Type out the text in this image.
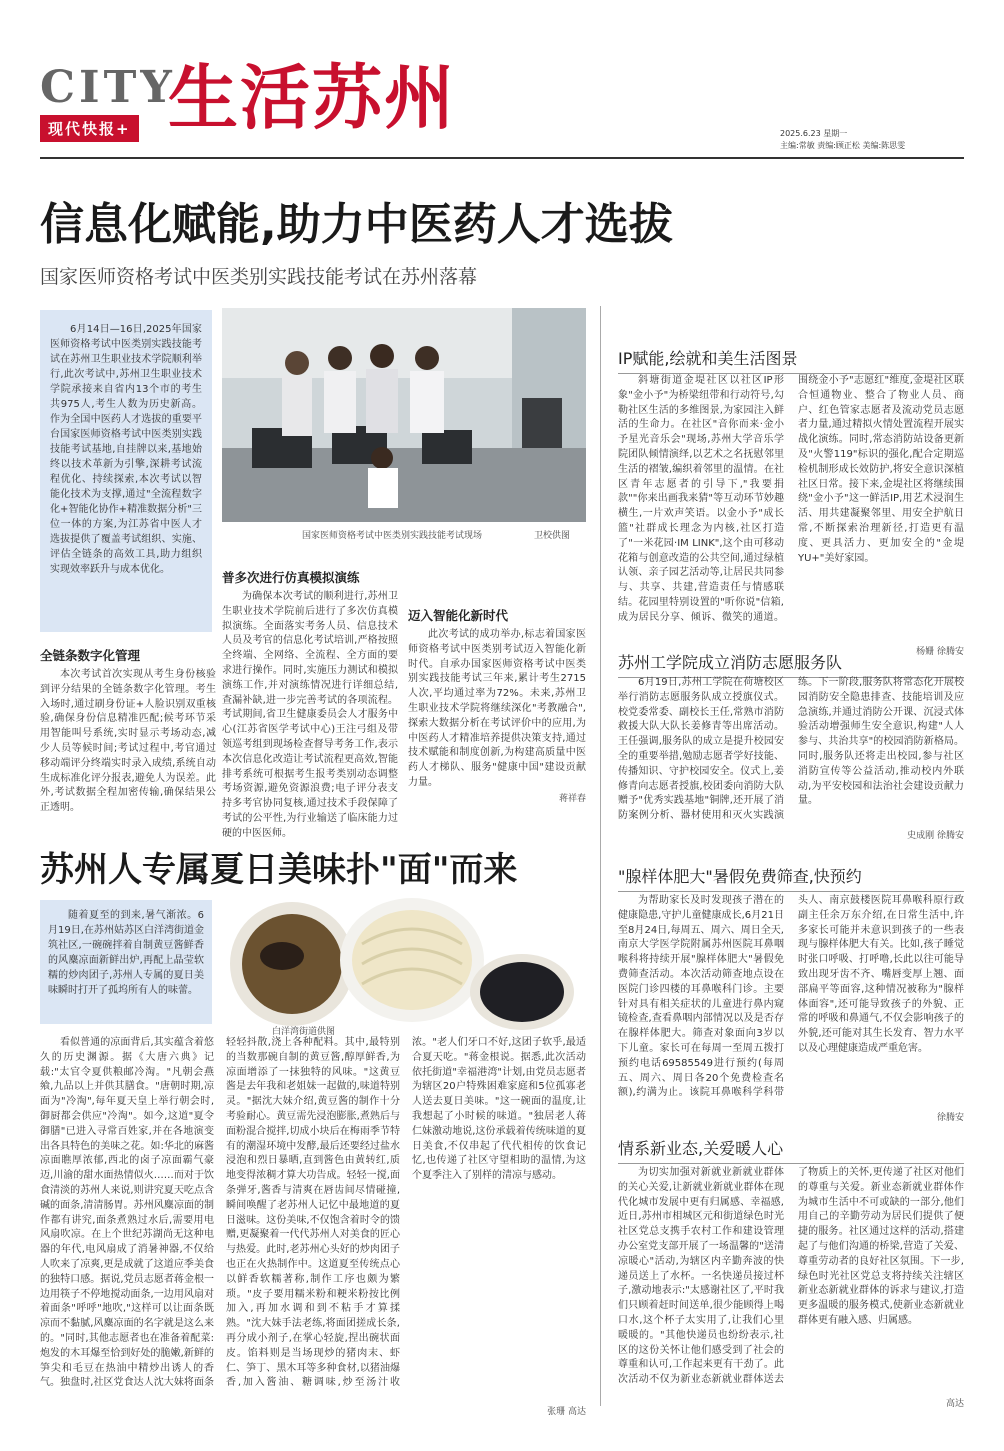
CITY
现代快报+ 生活苏州	2025.6.23 星期一
主编:常敏 责编:顾正松 美编:陈思雯
信息化赋能,助力中医药人才选拔
国家医师资格考试中医类别实践技能考试在苏州落幕

6月14日—16日,2025年国家医师资格考试中医类别实践技能考试在苏州卫生职业技术学院顺利举行,此次考试中,苏州卫生职业技术学院承接来自省内13个市的考生共975人,考生人数为历史新高。作为全国中医药人才选拔的重要平台国家医师资格考试中医类别实践技能考试基地,自挂牌以来,基地始终以技术革新为引擎,深耕考试流程优化、持续探索,本次考试以智能化技术为支撑,通过"全流程数字化+智能化协作+精准数据分析"三位一体的方案,为江苏省中医人才选拔提供了覆盖考试组织、实施、评估全链条的高效工具,助力组织实现效率跃升与成本优化。

国家医师资格考试中医类别实践技能考试现场	卫校供图
全链条数字化管理

本次考试首次实现从考生身份核验到评分结果的全链条数字化管理。考生入场时,通过刷身份证+人脸识别双重核验,确保身份信息精准匹配;候考环节采用智能叫号系统,实时显示考场动态,减少人员等候时间;考试过程中,考官通过移动端评分终端实时录入成绩,系统自动生成标准化评分报表,避免人为误差。此外,考试数据全程加密传输,确保结果公正透明。

普多次进行仿真模拟演练

为确保本次考试的顺利进行,苏州卫生职业技术学院前后进行了多次仿真模拟演练。全面落实考务人员、信息技术人员及考官的信息化考试培训,严格按照全终端、全网络、全流程、全方面的要求进行操作。同时,实施压力测试和模拟演练工作,并对演练情况进行详细总结,查漏补缺,进一步完善考试的各项流程。考试期间,省卫生健康委员会人才服务中心(江苏省医学考试中心)王注弓组及带领巡考组到现场检查督导考务工作,表示本次信息化改造让考试流程更高效,智能排考系统可根据考生报考类别动态调整考场资源,避免资源浪费;电子评分表支持多考官协同复核,通过技术手段保障了考试的公平性,为行业输送了临床能力过硬的中医医师。

迈入智能化新时代

此次考试的成功举办,标志着国家医师资格考试中医类别考试迈入智能化新时代。自承办国家医师资格考试中医类别实践技能考试三年来,累计考生2715人次,平均通过率为72%。未来,苏州卫生职业技术学院将继续深化"考教融合",探索大数据分析在考试评价中的应用,为中医药人才精准培养提供决策支持,通过技术赋能和制度创新,为构建高质量中医药人才梯队、服务"健康中国"建设贡献力量。

蒋祥春
苏州人专属夏日美味扑"面"而来

随着夏至的到来,暑气渐浓。6月19日,在苏州姑苏区白洋湾街道金筑社区,一碗碗拌着自制黄豆酱鲜香的风麋凉面新鲜出炉,再配上晶莹软糯的炒肉团子,苏州人专属的夏日美味瞬时打开了孤坞所有人的味蕾。

白洋湾街道供图

看似普通的凉面背后,其实蕴含着悠久的历史渊源。据《大唐六典》记载:"太官令夏供粮邮冷淘。"凡朝会燕飨,九品以上并供其膳食。"唐朝时期,凉面为"冷淘",每年夏天皇上举行朝会时,御厨都会供应"冷淘"。如今,这道"夏令御膳"已进入寻常百姓家,并在各地演变出各具特色的美味之花。如:华北的麻酱凉面瞧厚浓郁,西北的卤子凉面霸气豪迈,川渝的甜水面热情似火……而对于饮食清淡的苏州人来说,则讲究夏天吃点含碱的面条,清清肠胃。苏州风麋凉面的制作都有讲究,面条煮熟过水后,需要用电风扇吹凉。在上个世纪苏湖尚无这种电器的年代,电风扇成了消暑神器,不仅给人吹来了凉爽,更是成就了这道应季美食的独特口感。据说,党员志愿者蒋金根一边用筷子不停地搅动面条,一边用风扇对着面条"呼呼"地吹,"这样可以让面条既凉而不黏腻,风麋凉面的名字就是这么来的。"同时,其他志愿者也在准备着配菜:炮发的木耳爆至恰到好处的脆嫩,新鲜的笋尖和毛豆在热油中精炒出诱人的香气。独盘时,社区党食达人沈大妹将面条轻轻抖散,浇上各种配料。其中,最特别的当数那碗自制的黄豆酱,醇厚鲜香,为凉面增添了一抹独特的风味。"这黄豆酱是去年我和老姐妹一起做的,味道特别灵。"据沈大妹介绍,黄豆酱的制作十分考验耐心。黄豆需先浸泡膨胀,煮熟后与面粉混合搅拌,切成小块后在梅雨季节特有的潮湿环境中发酵,最后还要经过盐水浸泡和烈日暴晒,直到酱色由黄转红,质地变得浓稠才算大功告成。轻轻一搅,面条弹牙,酱香与清爽在唇齿间尽情碰撞,瞬间唤醒了老苏州人记忆中最地道的夏日滋味。这份美味,不仅饱含着时令的馈赠,更凝聚着一代代苏州人对美食的匠心与热爱。此时,老苏州心头好的炒肉团子也正在火热制作中。这道夏至传统点心以鲜香软糯著称,制作工序也颇为繁琐。"皮子要用糯米粉和粳米粉按比例加入,再加水调和到不粘手才算揉熟。"沈大妹手法老练,将面团搓成长条,再分成小剂子,在掌心轻旋,捏出碗状面皮。馅料则是当场现炒的猪肉末、虾仁、笋丁、黑木耳等多种食材,以猪油爆香,加入酱油、糖调味,炒至汤汁收浓。"老人们牙口不好,这团子软乎,最适合夏天吃。"蒋金根说。据悉,此次活动依托街道"幸福港湾"计划,由党员志愿者为辖区20户特殊困难家庭和5位孤寡老人送去夏日美味。"这一碗面的温度,让我想起了小时候的味道。"独居老人蒋仁妹激动地说,这份承载着传统味道的夏日美食,不仅串起了代代相传的饮食记忆,也传递了社区守望相助的温情,为这个夏季注入了别样的清凉与感动。

张珊 高达
IP赋能,绘就和美生活图景

斜塘街道金堤社区以社区IP形象"金小予"为桥梁纽带和行动符号,勾勒社区生活的多维图景,为家园注入鲜活的生命力。在社区"音你而来·金小予星光音乐会"现场,苏州大学音乐学院团队倾情演绎,以艺术之名抚慰邻里生活的褶皱,编织着邻里的温情。在社区青年志愿者的引导下,"我要捐款""你来出画我来猜"等互动环节妙趣横生,一片欢声笑语。以金小予"成长篮"社群成长理念为内核,社区打造了"一米花园·IM LINK",这个由可移动花箱与创意改造的公共空间,通过绿植认领、亲子园艺活动等,让居民共同参与、共享、共建,营造责任与情感联结。花园里特别设置的"听你说"信箱,成为居民分享、倾诉、微笑的通道。围绕金小予"志愿红"维度,金堤社区联合恒通物业、整合了物业人员、商户、红色管家志愿者及流动党员志愿者力量,通过精拟火情处置流程开展实战化演练。同时,常态消防站设备更新及"火警119"标识的强化,配合定期巡检机制形成长效防护,将安全意识深植社区日常。接下来,金堤社区将继续围绕"金小予"这一鲜活IP,用艺术浸润生活、用共建凝聚邻里、用安全护航日常,不断探索治理新径,打造更有温度、更具活力、更加安全的"金堤YU+"美好家园。

杨姗 徐腾安
苏州工学院成立消防志愿服务队

6月19日,苏州工学院在荷塘校区举行消防志愿服务队成立授旗仪式。校党委常委、副校长王任,常熟市消防救援大队大队长姜修青等出席活动。王任强调,服务队的成立是提升校园安全的重要举措,勉励志愿者学好技能、传播知识、守护校园安全。仪式上,姜修青向志愿者授旗,校团委向消防大队赠予"优秀实践基地"铜牌,还开展了消防案例分析、器材使用和灭火实践演练。下一阶段,服务队将常态化开展校园消防安全隐患排查、技能培训及应急演练,并通过消防公开课、沉浸式体验活动增强师生安全意识,构建"人人参与、共治共享"的校园消防新格局。同时,服务队还将走出校园,参与社区消防宣传等公益活动,推动校内外联动,为平安校园和法治社会建设贡献力量。

史成刚 徐腾安
"腺样体肥大"暑假免费筛查,快预约

为帮助家长及时发现孩子潜在的健康隐患,守护儿童健康成长,6月21日至8月24日,每周五、周六、周日全天,南京大学医学院附属苏州医院耳鼻咽喉科将持续开展"腺样体肥大"暑假免费筛查活动。本次活动筛查地点设在医院门诊四楼的耳鼻喉科门诊。主要针对具有相关症状的儿童进行鼻内窥镜检查,查看鼻咽内部情况以及是否存在腺样体肥大。筛查对象面向3岁以下儿童。家长可在每周一至周五拨打预约电话69585549进行预约(每周五、周六、周日各20个免费检查名额),约满为止。该院耳鼻喉科学科带头人、南京鼓楼医院耳鼻喉科原行政副主任余万东介绍,在日常生活中,许多家长可能并未意识到孩子的一些表现与腺样体肥大有关。比如,孩子睡觉时张口呼吸、打呼噜,长此以往可能导致出现牙齿不齐、嘴唇变厚上翘、面部扁平等面容,这种情况被称为"腺样体面容",还可能导致孩子的外貌、正常的呼吸和鼻通气,不仅会影响孩子的外貌,还可能对其生长发育、智力水平以及心理健康造成严重危害。

徐腾安
情系新业态,关爱暖人心

为切实加强对新就业新就业群体的关心关爱,让新就业新就业群体在现代化城市发展中更有归属感、幸福感,近日,苏州市相城区元和街道绿色时光社区党总支携手农村工作和建设管理办公室党支部开展了一场温馨的"送清凉暖心"活动,为辖区内辛勤奔波的快递员送上了水杯。一名快递员接过杯子,激动地表示:"太感谢社区了,平时我们只顾着赶时间送单,很少能顾得上喝口水,这个杯子太实用了,让我们心里暖暖的。"其他快递员也纷纷表示,社区的这份关怀让他们感受到了社会的尊重和认可,工作起来更有干劲了。此次活动不仅为新业态新就业群体送去了物质上的关怀,更传递了社区对他们的尊重与关爱。新业态新就业群体作为城市生活中不可或缺的一部分,他们用自己的辛勤劳动为居民们提供了便捷的服务。社区通过这样的活动,搭建起了与他们沟通的桥梁,营造了关爱、尊重劳动者的良好社区氛围。下一步,绿色时光社区党总支将持续关注辖区新业态新就业群体的诉求与建议,打造更多温暖的服务模式,使新业态新就业群体更有融入感、归属感。

高达
